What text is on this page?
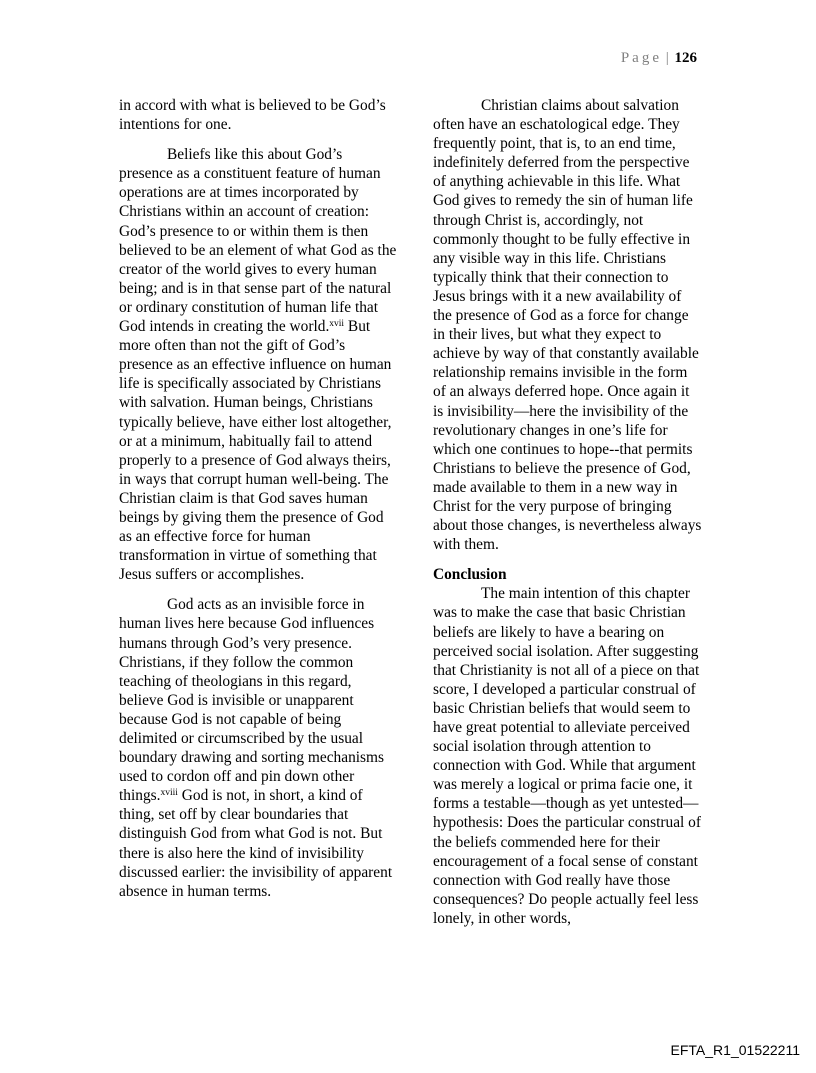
Page | 126

in accord with what is believed to be God’s intentions for one.

Beliefs like this about God’s presence as a constituent feature of human operations are at times incorporated by Christians within an account of creation: God’s presence to or within them is then believed to be an element of what God as the creator of the world gives to every human being; and is in that sense part of the natural or ordinary constitution of human life that God intends in creating the world.$^{xvii}$ But more often than not the gift of God’s presence as an effective influence on human life is specifically associated by Christians with salvation. Human beings, Christians typically believe, have either lost altogether, or at a minimum, habitually fail to attend properly to a presence of God always theirs, in ways that corrupt human well-being. The Christian claim is that God saves human beings by giving them the presence of God as an effective force for human transformation in virtue of something that Jesus suffers or accomplishes.

God acts as an invisible force in human lives here because God influences humans through God’s very presence. Christians, if they follow the common teaching of theologians in this regard, believe God is invisible or unapparent because God is not capable of being delimited or circumscribed by the usual boundary drawing and sorting mechanisms used to cordon off and pin down other things.$^{xviii}$ God is not, in short, a kind of thing, set off by clear boundaries that distinguish God from what God is not. But there is also here the kind of invisibility discussed earlier: the invisibility of apparent absence in human terms.

Christian claims about salvation often have an eschatological edge. They frequently point, that is, to an end time, indefinitely deferred from the perspective of anything achievable in this life. What God gives to remedy the sin of human life through Christ is, accordingly, not commonly thought to be fully effective in any visible way in this life. Christians typically think that their connection to Jesus brings with it a new availability of the presence of God as a force for change in their lives, but what they expect to achieve by way of that constantly available relationship remains invisible in the form of an always deferred hope. Once again it is invisibility—here the invisibility of the revolutionary changes in one’s life for which one continues to hope--that permits Christians to believe the presence of God, made available to them in a new way in Christ for the very purpose of bringing about those changes, is nevertheless always with them.

Conclusion

The main intention of this chapter was to make the case that basic Christian beliefs are likely to have a bearing on perceived social isolation. After suggesting that Christianity is not all of a piece on that score, I developed a particular construal of basic Christian beliefs that would seem to have great potential to alleviate perceived social isolation through attention to connection with God. While that argument was merely a logical or prima facie one, it forms a testable—though as yet untested—hypothesis: Does the particular construal of the beliefs commended here for their encouragement of a focal sense of constant connection with God really have those consequences? Do people actually feel less lonely, in other words,

EFTA_R1_01522211
